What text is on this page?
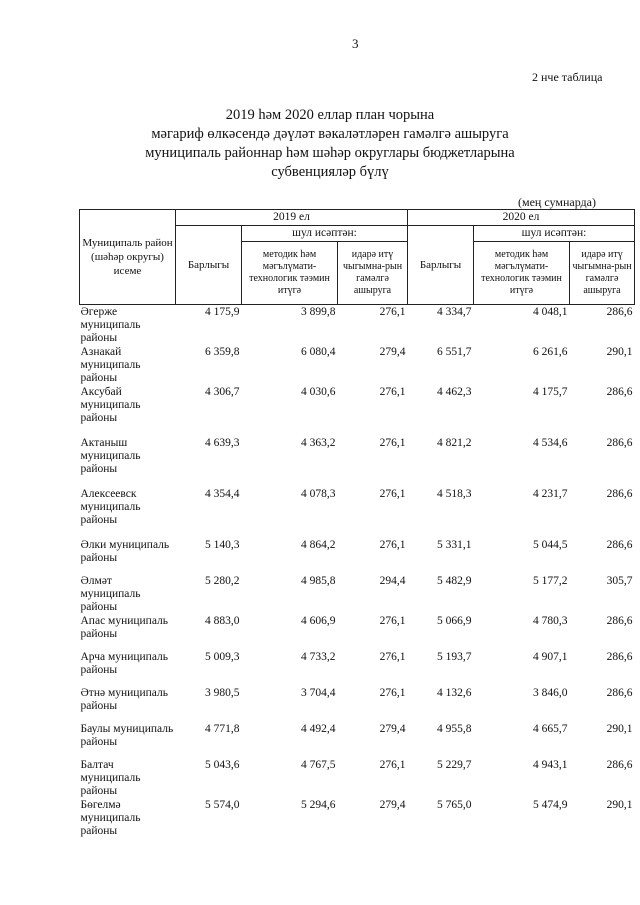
3
2 нче таблица
2019 һәм 2020 еллар план чорына
мәгариф өлкәсендә дәүләт вәкаләтләрен гамәлгә ашыруга
муниципаль районнар һәм шәһәр округлары бюджетларына
субвенцияләр бүлү
(мең сумнарда)
Муниципаль район (шәһәр округы) исеме	2019 ел			2020 ел		
	Барлыгы	шул исәптән:		Барлыгы	шул исәптән:	
		методик һәм мәгълүмати-технологик тәэмин итүгә	идарә итү чыгымна-рын гамәлгә ашыруга		методик һәм мәгълүмати-технологик тәэмин итүгә	идарә итү чыгымна-рын гамәлгә ашыруга
Әгерже муниципаль районы	4 175,9	3 899,8	276,1	4 334,7	4 048,1	286,6
Азнакай муниципаль районы	6 359,8	6 080,4	279,4	6 551,7	6 261,6	290,1
Аксубай муниципаль районы	4 306,7	4 030,6	276,1	4 462,3	4 175,7	286,6
Актаныш муниципаль районы	4 639,3	4 363,2	276,1	4 821,2	4 534,6	286,6
Алексеевск муниципаль районы	4 354,4	4 078,3	276,1	4 518,3	4 231,7	286,6
Әлки муниципаль районы	5 140,3	4 864,2	276,1	5 331,1	5 044,5	286,6
Әлмәт муниципаль районы	5 280,2	4 985,8	294,4	5 482,9	5 177,2	305,7
Апас муниципаль районы	4 883,0	4 606,9	276,1	5 066,9	4 780,3	286,6
Арча муниципаль районы	5 009,3	4 733,2	276,1	5 193,7	4 907,1	286,6
Әтнә муниципаль районы	3 980,5	3 704,4	276,1	4 132,6	3 846,0	286,6
Баулы муниципаль районы	4 771,8	4 492,4	279,4	4 955,8	4 665,7	290,1
Балтач муниципаль районы	5 043,6	4 767,5	276,1	5 229,7	4 943,1	286,6
Бөгелмә муниципаль районы	5 574,0	5 294,6	279,4	5 765,0	5 474,9	290,1
